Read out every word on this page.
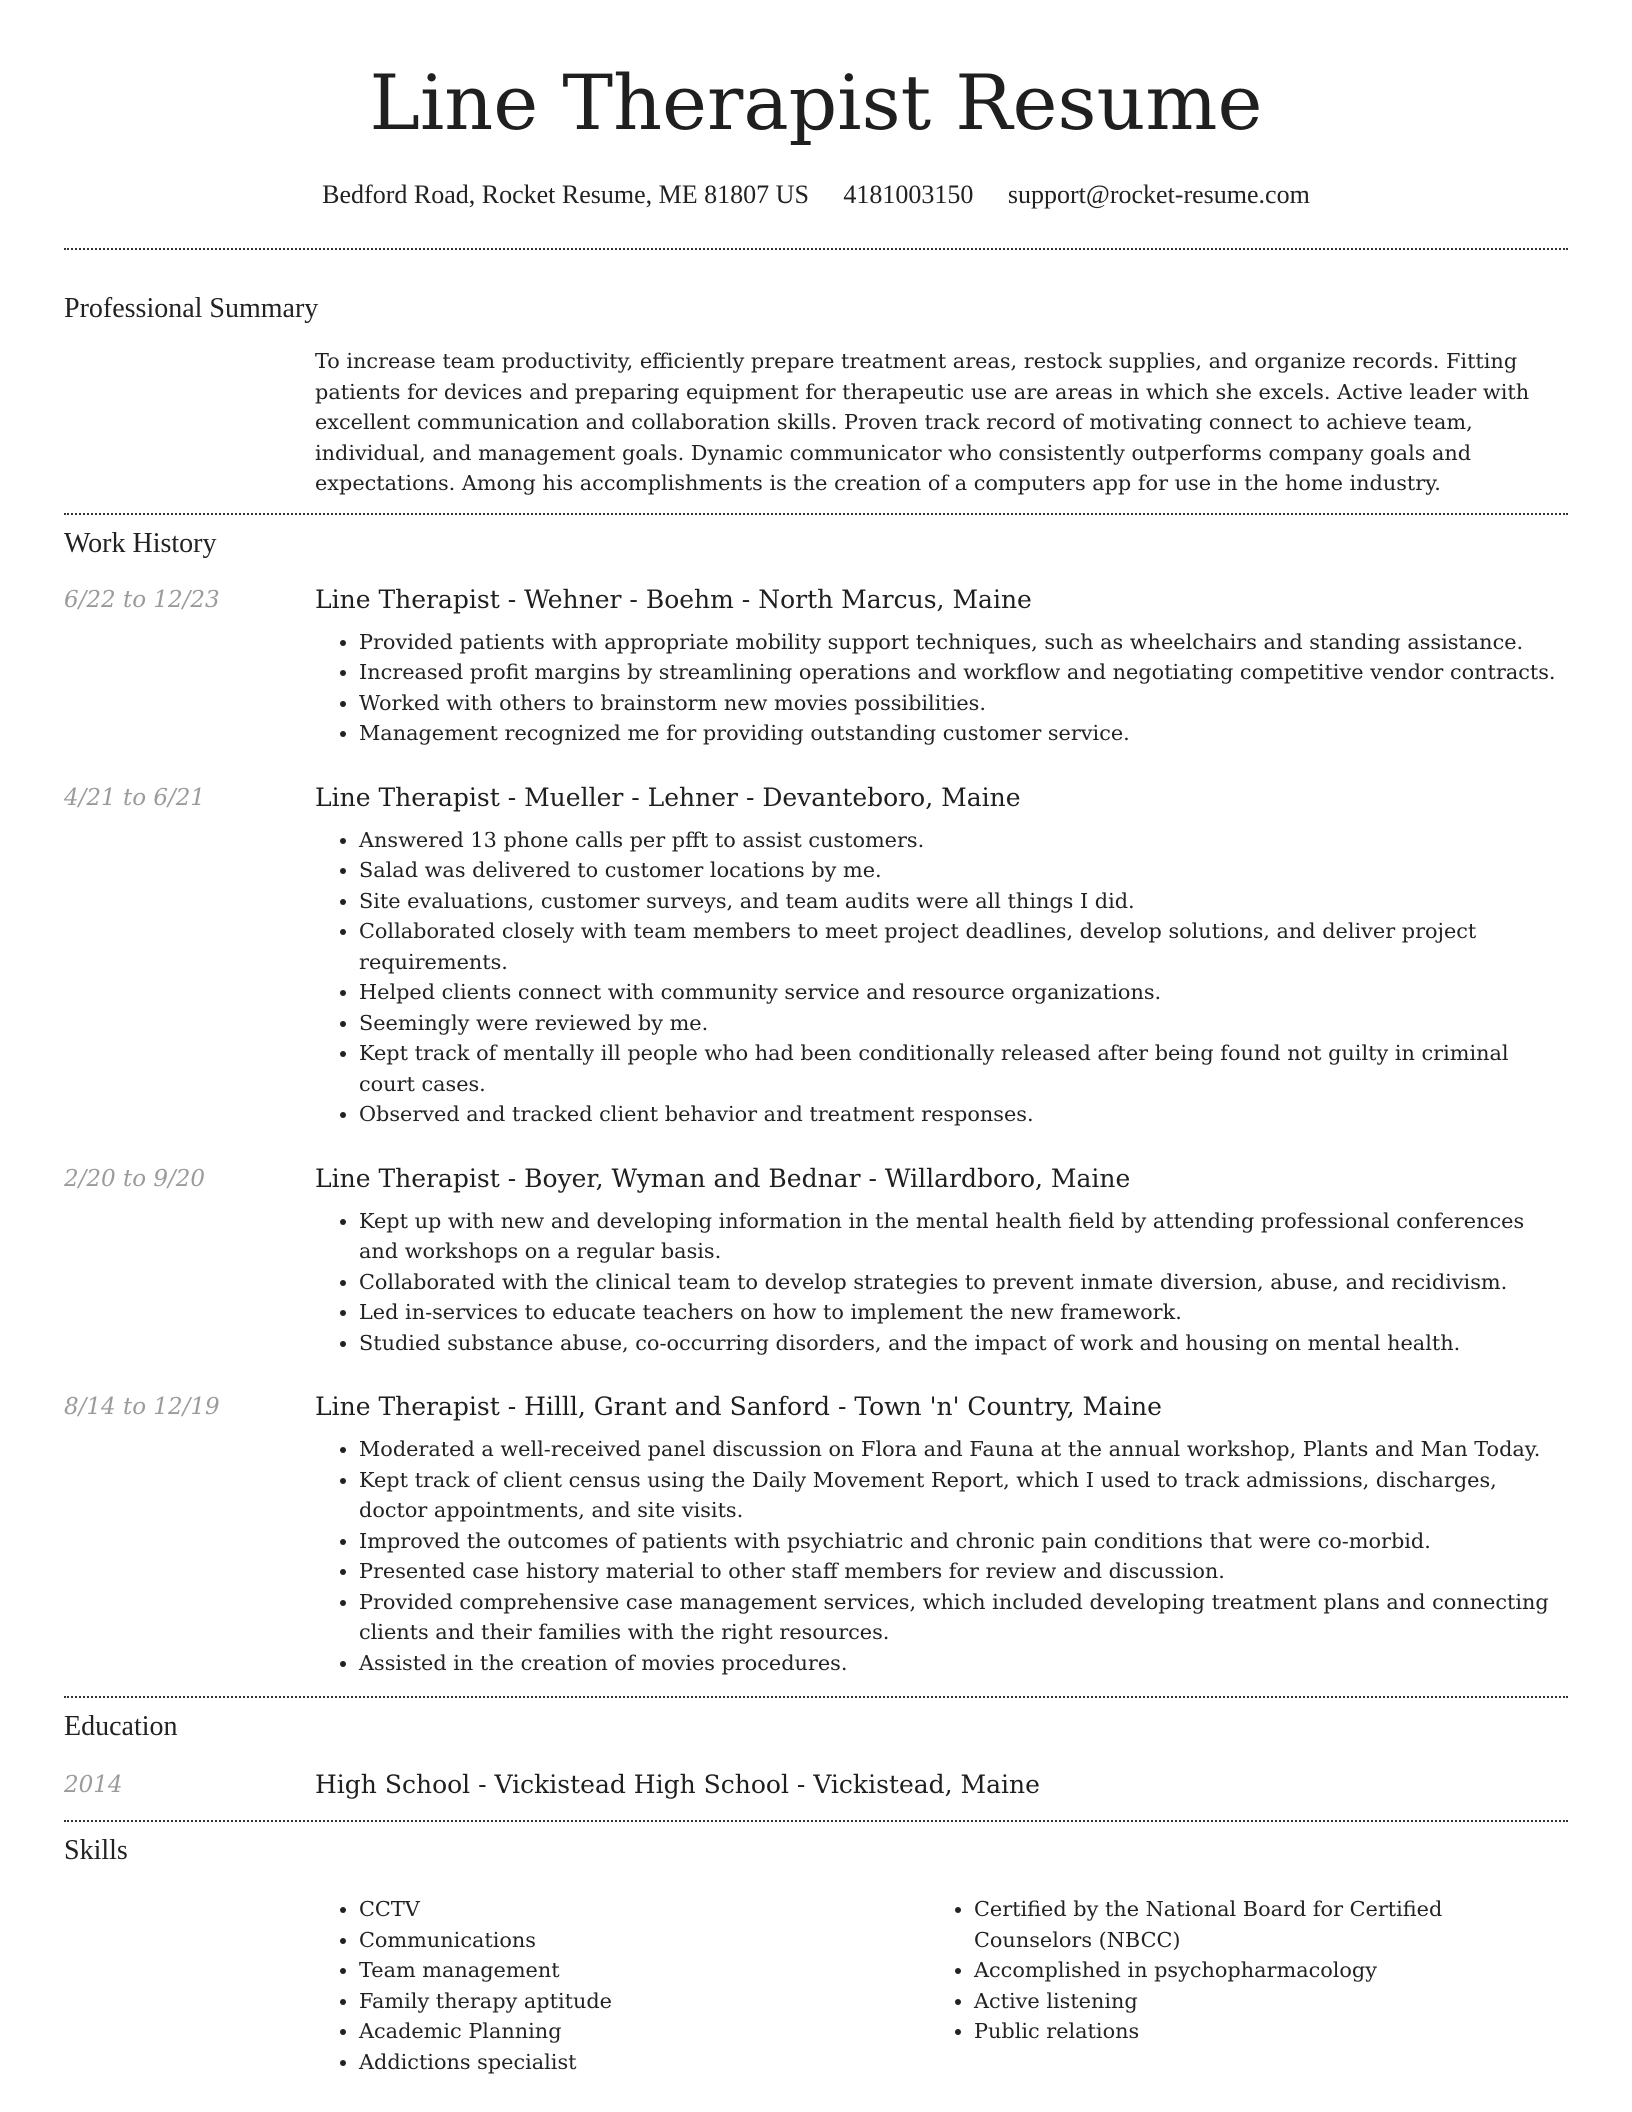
Line Therapist Resume
Bedford Road, Rocket Resume, ME 81807 US 4181003150 support@rocket-resume.com
Professional Summary

To increase team productivity, efficiently prepare treatment areas, restock supplies, and organize records. Fitting patients for devices and preparing equipment for therapeutic use are areas in which she excels. Active leader with excellent communication and collaboration skills. Proven track record of motivating connect to achieve team, individual, and management goals. Dynamic communicator who consistently outperforms company goals and expectations. Among his accomplishments is the creation of a computers app for use in the home industry.

Work History
6/22 to 12/23	Line Therapist - Wehner - Boehm - North Marcus, Maine
• Provided patients with appropriate mobility support techniques, such as wheelchairs and standing assistance.
• Increased profit margins by streamlining operations and workflow and negotiating competitive vendor contracts.
• Worked with others to brainstorm new movies possibilities.
• Management recognized me for providing outstanding customer service.
4/21 to 6/21	Line Therapist - Mueller - Lehner - Devanteboro, Maine
• Answered 13 phone calls per pfft to assist customers.
• Salad was delivered to customer locations by me.
• Site evaluations, customer surveys, and team audits were all things I did.
• Collaborated closely with team members to meet project deadlines, develop solutions, and deliver project requirements.
• Helped clients connect with community service and resource organizations.
• Seemingly were reviewed by me.
• Kept track of mentally ill people who had been conditionally released after being found not guilty in criminal court cases.
• Observed and tracked client behavior and treatment responses.
2/20 to 9/20	Line Therapist - Boyer, Wyman and Bednar - Willardboro, Maine
• Kept up with new and developing information in the mental health field by attending professional conferences and workshops on a regular basis.
• Collaborated with the clinical team to develop strategies to prevent inmate diversion, abuse, and recidivism.
• Led in-services to educate teachers on how to implement the new framework.
• Studied substance abuse, co-occurring disorders, and the impact of work and housing on mental health.
8/14 to 12/19	Line Therapist - Hilll, Grant and Sanford - Town 'n' Country, Maine
• Moderated a well-received panel discussion on Flora and Fauna at the annual workshop, Plants and Man Today.
• Kept track of client census using the Daily Movement Report, which I used to track admissions, discharges, doctor appointments, and site visits.
• Improved the outcomes of patients with psychiatric and chronic pain conditions that were co-morbid.
• Presented case history material to other staff members for review and discussion.
• Provided comprehensive case management services, which included developing treatment plans and connecting clients and their families with the right resources.
• Assisted in the creation of movies procedures.
Education
2014	High School - Vickistead High School - Vickistead, Maine
Skills
• CCTV
• Communications
• Team management
• Family therapy aptitude
• Academic Planning
• Addictions specialist
• Certified by the National Board for Certified Counselors (NBCC)
• Accomplished in psychopharmacology
• Active listening
• Public relations
